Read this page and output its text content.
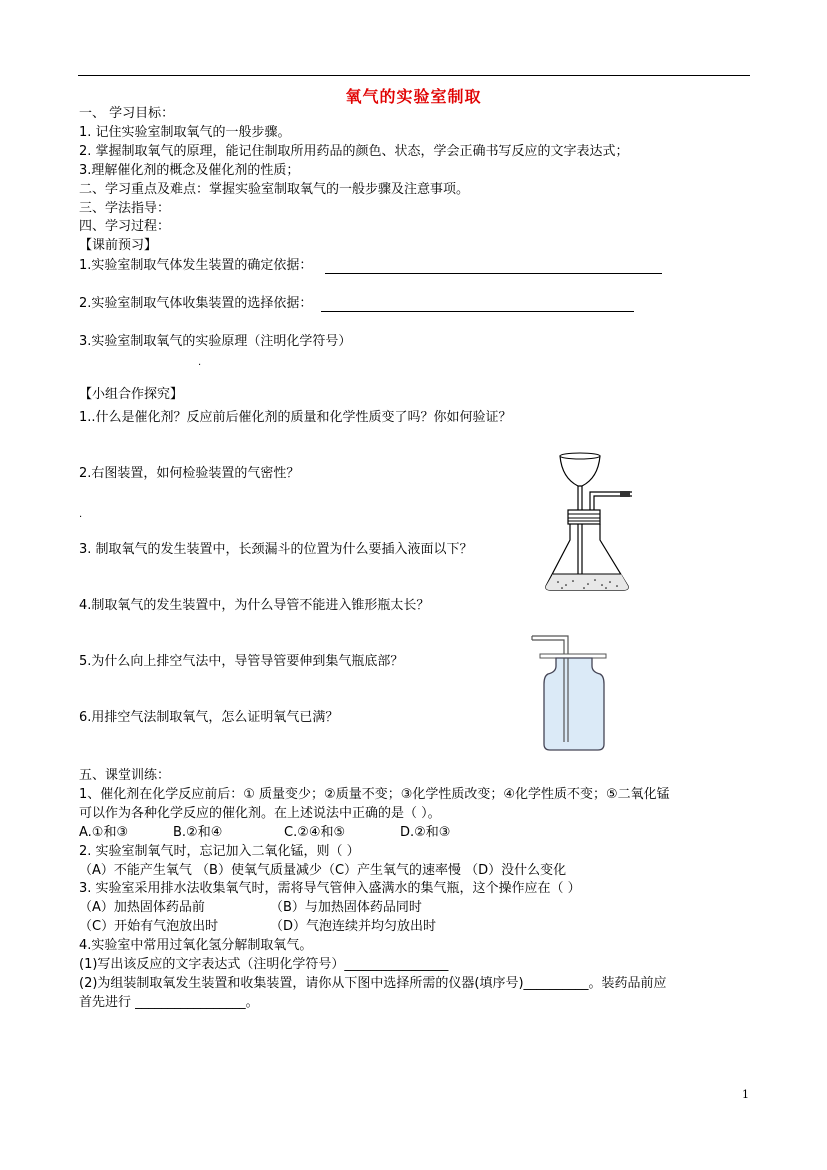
氧气的实验室制取
一、 学习目标：
1. 记住实验室制取氧气的一般步骤。
2. 掌握制取氧气的原理，能记住制取所用药品的颜色、状态，学会正确书写反应的文字表达式；
3.理解催化剂的概念及催化剂的性质；
二、学习重点及难点：掌握实验室制取氧气的一般步骤及注意事项。
三、学法指导：
四、学习过程：
【课前预习】
1.实验室制取气体发生装置的确定依据：
2.实验室制取气体收集装置的选择依据：
3.实验室制取氧气的实验原理（注明化学符号）
·
【小组合作探究】
1..什么是催化剂？反应前后催化剂的质量和化学性质变了吗？你如何验证？
2.右图装置，如何检验装置的气密性？
·
3. 制取氧气的发生装置中，长颈漏斗的位置为什么要插入液面以下？
4.制取氧气的发生装置中，为什么导管不能进入锥形瓶太长？
5.为什么向上排空气法中，导管导管要伸到集气瓶底部？
6.用排空气法制取氧气，怎么证明氧气已满？
五、课堂训练：
1、催化剂在化学反应前后：① 质量变少；②质量不变；③化学性质改变；④化学性质不变；⑤二氧化锰
可以作为各种化学反应的催化剂。在上述说法中正确的是（ ）。
A.①和③	B.②和④	C.②④和⑤	D.②和③
2. 实验室制氧气时，忘记加入二氧化锰，则（ ）
（A）不能产生氧气 （B）使氧气质量减少（C）产生氧气的速率慢 （D）没什么变化
3. 实验室采用排水法收集氧气时，需将导气管伸入盛满水的集气瓶，这个操作应在（ ）
（A）加热固体药品前	（B）与加热固体药品同时
（C）开始有气泡放出时	（D）气泡连续并均匀放出时
4.实验室中常用过氧化氢分解制取氧气。
(1)写出该反应的文字表达式（注明化学符号）________________
(2)为组装制取氧发生装置和收集装置，请你从下图中选择所需的仪器(填序号)__________。装药品前应
首先进行 _________________。
1
